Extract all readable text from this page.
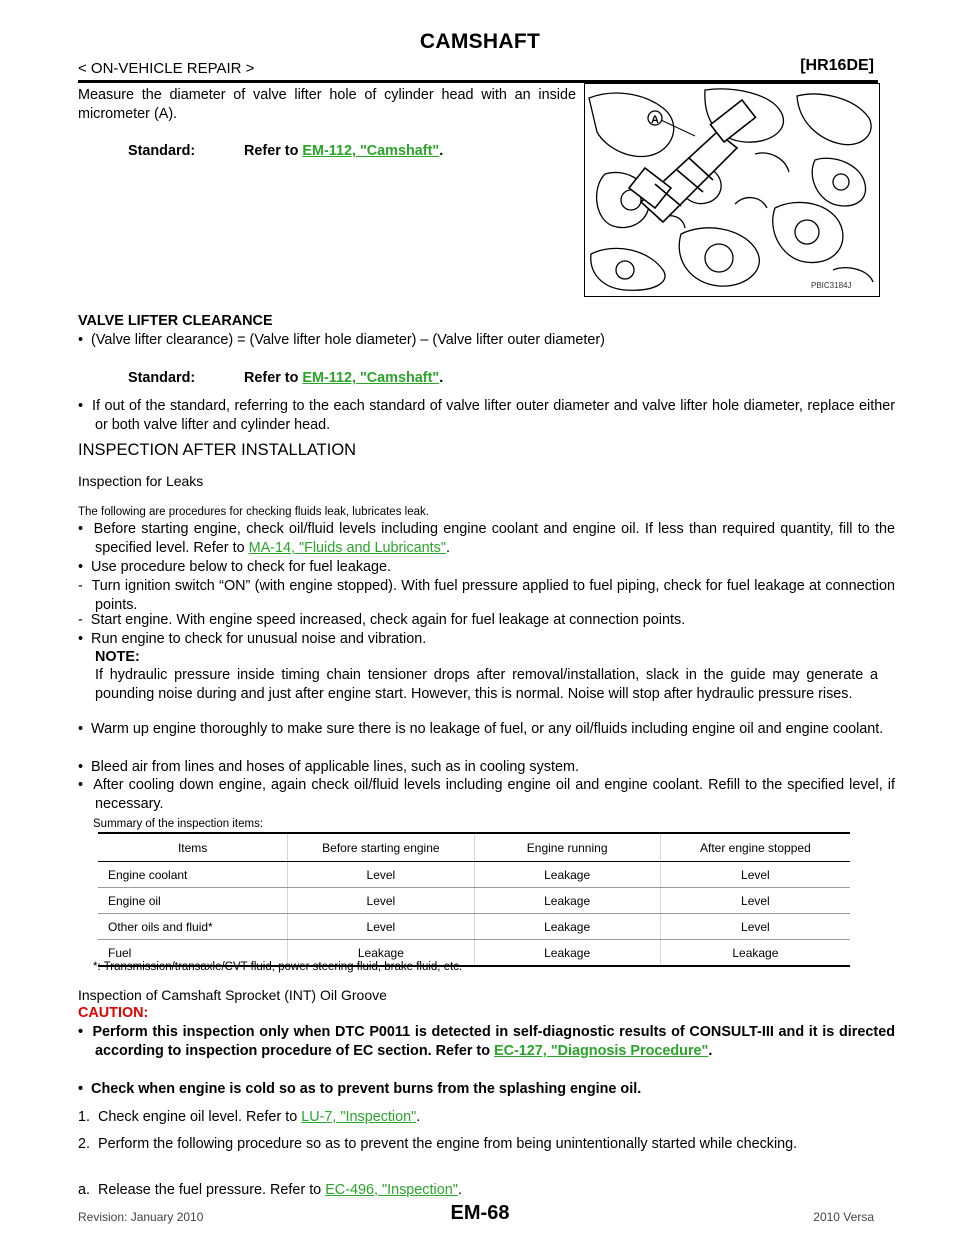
CAMSHAFT
< ON-VEHICLE REPAIR >	[HR16DE]
Measure the diameter of valve lifter hole of cylinder head with an inside micrometer (A).
Standard:	Refer to EM-112, "Camshaft".
A
PBIC3184J
VALVE LIFTER CLEARANCE
• (Valve lifter clearance) = (Valve lifter hole diameter) – (Valve lifter outer diameter)
Standard:	Refer to EM-112, "Camshaft".
• If out of the standard, referring to the each standard of valve lifter outer diameter and valve lifter hole diameter, replace either or both valve lifter and cylinder head.
INSPECTION AFTER INSTALLATION
Inspection for Leaks
The following are procedures for checking fluids leak, lubricates leak.
• Before starting engine, check oil/fluid levels including engine coolant and engine oil. If less than required quantity, fill to the specified level. Refer to MA-14, "Fluids and Lubricants".
• Use procedure below to check for fuel leakage.
- Turn ignition switch “ON” (with engine stopped). With fuel pressure applied to fuel piping, check for fuel leakage at connection points.
- Start engine. With engine speed increased, check again for fuel leakage at connection points.
• Run engine to check for unusual noise and vibration.
NOTE:
If hydraulic pressure inside timing chain tensioner drops after removal/installation, slack in the guide may generate a pounding noise during and just after engine start. However, this is normal. Noise will stop after hydraulic pressure rises.
• Warm up engine thoroughly to make sure there is no leakage of fuel, or any oil/fluids including engine oil and engine coolant.
• Bleed air from lines and hoses of applicable lines, such as in cooling system.
• After cooling down engine, again check oil/fluid levels including engine oil and engine coolant. Refill to the specified level, if necessary.
Summary of the inspection items:
Items	Before starting engine	Engine running	After engine stopped
Engine coolant	Level	Leakage	Level
Engine oil	Level	Leakage	Level
Other oils and fluid*	Level	Leakage	Level
Fuel	Leakage	Leakage	Leakage
*: Transmission/transaxle/CVT fluid, power steering fluid, brake fluid, etc.
Inspection of Camshaft Sprocket (INT) Oil Groove
CAUTION:
• Perform this inspection only when DTC P0011 is detected in self-diagnostic results of CONSULT-III and it is directed according to inspection procedure of EC section. Refer to EC-127, "Diagnosis Procedure".
• Check when engine is cold so as to prevent burns from the splashing engine oil.
1. Check engine oil level. Refer to LU-7, "Inspection".
2. Perform the following procedure so as to prevent the engine from being unintentionally started while checking.
a. Release the fuel pressure. Refer to EC-496, "Inspection".
Revision: January 2010	EM-68	2010 Versa
